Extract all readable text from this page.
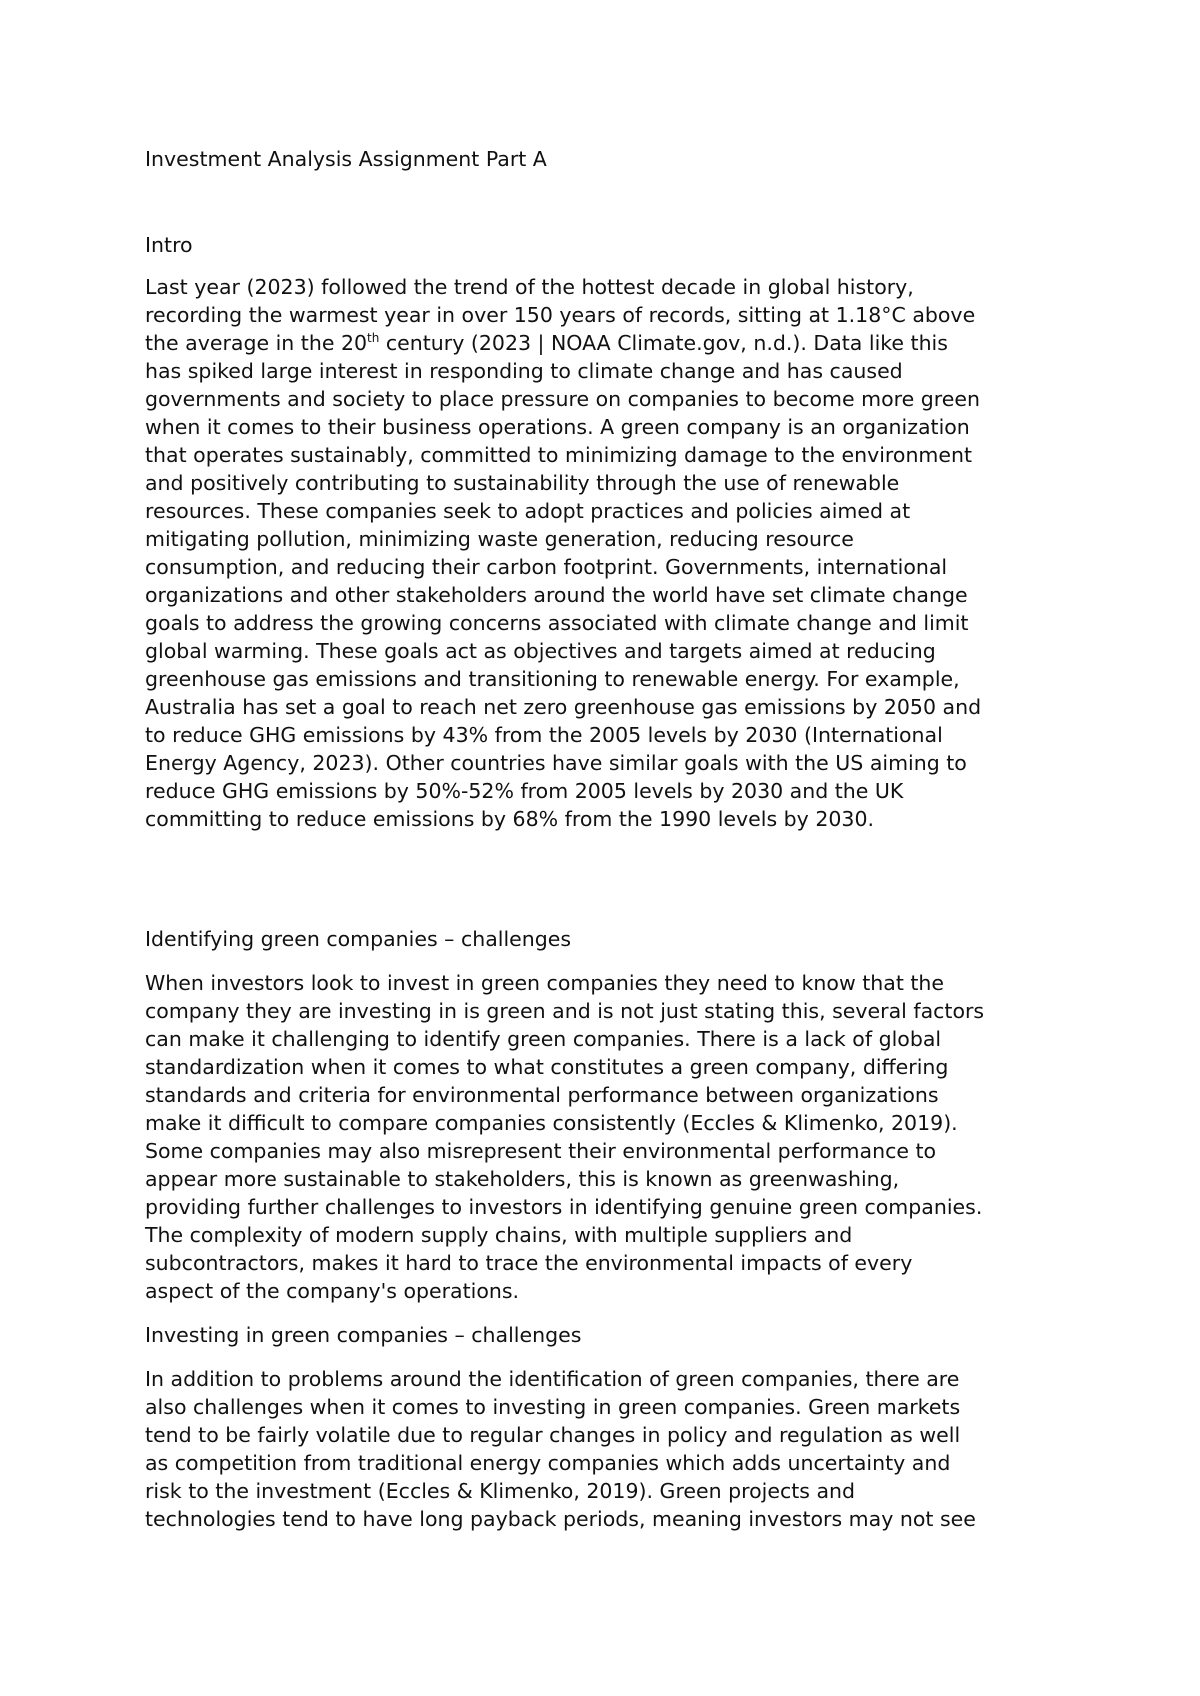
Investment Analysis Assignment Part A
Intro
Last year (2023) followed the trend of the hottest decade in global history,
recording the warmest year in over 150 years of records, sitting at 1.18°C above
the average in the 20th century (2023 | NOAA Climate.gov, n.d.). Data like this
has spiked large interest in responding to climate change and has caused
governments and society to place pressure on companies to become more green
when it comes to their business operations. A green company is an organization
that operates sustainably, committed to minimizing damage to the environment
and positively contributing to sustainability through the use of renewable
resources. These companies seek to adopt practices and policies aimed at
mitigating pollution, minimizing waste generation, reducing resource
consumption, and reducing their carbon footprint. Governments, international
organizations and other stakeholders around the world have set climate change
goals to address the growing concerns associated with climate change and limit
global warming. These goals act as objectives and targets aimed at reducing
greenhouse gas emissions and transitioning to renewable energy. For example,
Australia has set a goal to reach net zero greenhouse gas emissions by 2050 and
to reduce GHG emissions by 43% from the 2005 levels by 2030 (International
Energy Agency, 2023). Other countries have similar goals with the US aiming to
reduce GHG emissions by 50%-52% from 2005 levels by 2030 and the UK
committing to reduce emissions by 68% from the 1990 levels by 2030.
Identifying green companies – challenges
When investors look to invest in green companies they need to know that the
company they are investing in is green and is not just stating this, several factors
can make it challenging to identify green companies. There is a lack of global
standardization when it comes to what constitutes a green company, differing
standards and criteria for environmental performance between organizations
make it difficult to compare companies consistently (Eccles & Klimenko, 2019).
Some companies may also misrepresent their environmental performance to
appear more sustainable to stakeholders, this is known as greenwashing,
providing further challenges to investors in identifying genuine green companies.
The complexity of modern supply chains, with multiple suppliers and
subcontractors, makes it hard to trace the environmental impacts of every
aspect of the company's operations.
Investing in green companies – challenges
In addition to problems around the identification of green companies, there are
also challenges when it comes to investing in green companies. Green markets
tend to be fairly volatile due to regular changes in policy and regulation as well
as competition from traditional energy companies which adds uncertainty and
risk to the investment (Eccles & Klimenko, 2019). Green projects and
technologies tend to have long payback periods, meaning investors may not see
